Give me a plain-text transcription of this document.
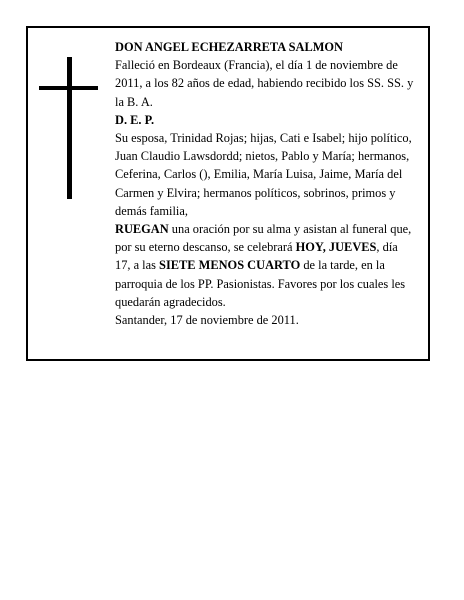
DON ANGEL ECHEZARRETA SALMON

Falleció en Bordeaux (Francia), el día 1 de noviembre de 2011, a los 82 años de edad, habiendo recibido los SS. SS. y la B. A.

D. E. P.

Su esposa, Trinidad Rojas; hijas, Cati e Isabel; hijo político, Juan Claudio Lawsdordd; nietos, Pablo y María; hermanos, Ceferina, Carlos (), Emilia, María Luisa, Jaime, María del Carmen y Elvira; hermanos políticos, sobrinos, primos y demás familia,

RUEGAN una oración por su alma y asistan al funeral que, por su eterno descanso, se celebrará HOY, JUEVES, día 17, a las SIETE MENOS CUARTO de la tarde, en la parroquia de los PP. Pasionistas. Favores por los cuales les quedarán agradecidos.

Santander, 17 de noviembre de 2011.
